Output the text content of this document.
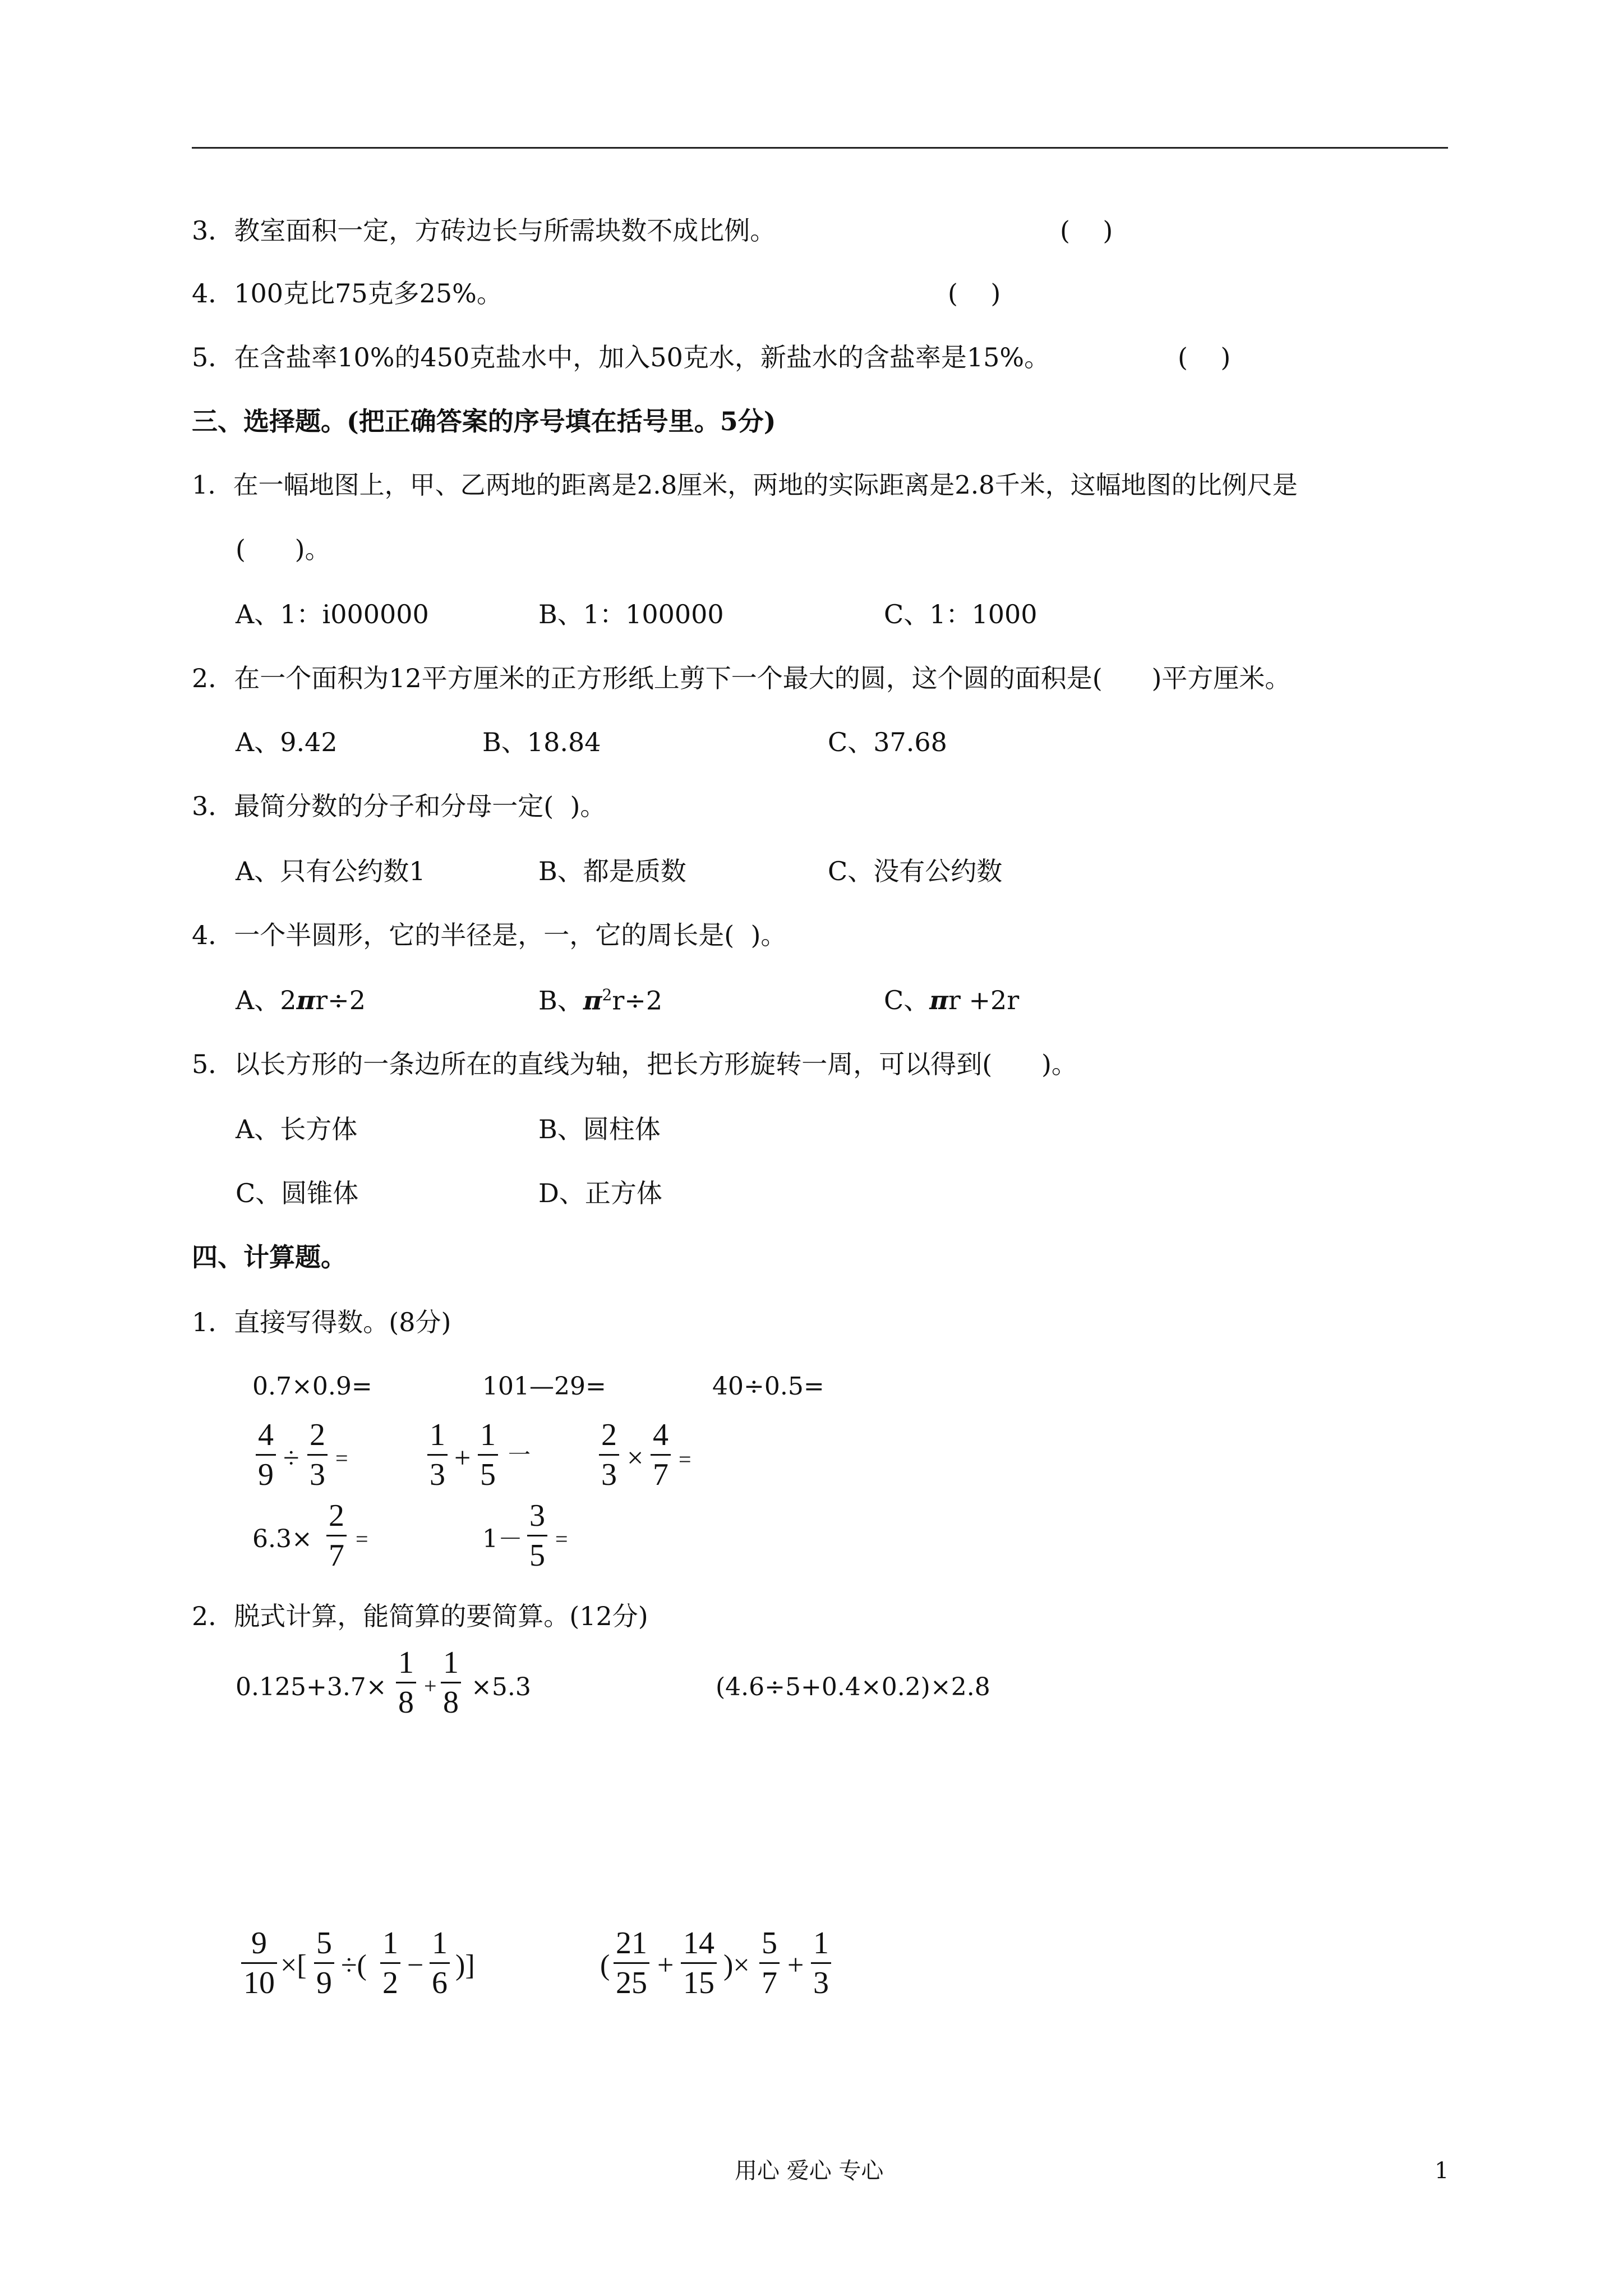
3．教室面积一定，方砖边长与所需块数不成比例。	(    )
4．100克比75克多25%。	(    )
5．在含盐率10%的450克盐水中，加入50克水，新盐水的含盐率是15%。	(    )
三、选择题。(把正确答案的序号填在括号里。5分)
1．在一幅地图上，甲、乙两地的距离是2.8厘米，两地的实际距离是2.8千米，这幅地图的比例尺是
(      )。
A、1：i000000	B、1：100000	C、1：1000
2．在一个面积为12平方厘米的正方形纸上剪下一个最大的圆，这个圆的面积是(      )平方厘米。
A、9.42	B、18.84	C、37.68
3．最简分数的分子和分母一定(  )。
A、只有公约数1	B、都是质数	C、没有公约数
4．一个半圆形，它的半径是，一，它的周长是(  )。
A、2πr÷2	B、$\pi^2r\div 2$	C、πr +2r
5．以长方形的一条边所在的直线为轴，把长方形旋转一周，可以得到(      )。
A、长方体	B、圆柱体
C、圆锥体	D、正方体
四、计算题。
1．直接写得数。(8分)
0.7×0.9=	101—29=	40÷0.5=
4
9 ÷
2
3 =
1
3 +
1
5
一
2
3 ×
4
7 =
6.3×
2
7 =	1－
3
5 =
2．脱式计算，能简算的要简算。(12分)
0.125+3.7×
1
8 +
1
8 ×5.3	(4.6÷5+0.4×0.2)×2.8
9
10
×[
5
9
÷(
1
2
−
1
6
)]	(
21
25
+
14
15
)×
5
7
+
1
3
用心 爱心 专心	1
